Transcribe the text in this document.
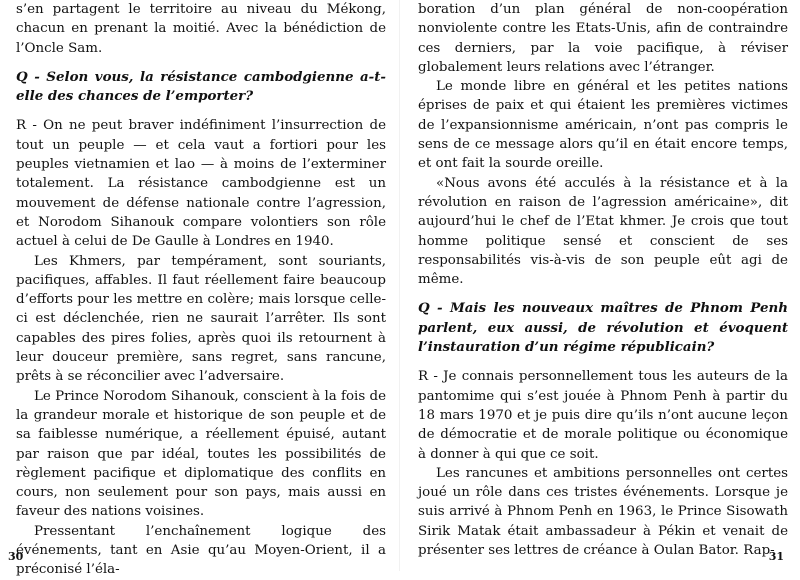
s’en partagent le territoire au niveau du Mékong, chacun en prenant la moitié. Avec la bénédiction de l’Oncle Sam.

Q - Selon vous, la résistance cambodgienne a-t-elle des chances de l’emporter?

R - On ne peut braver indéfiniment l’insurrection de tout un peuple — et cela vaut a fortiori pour les peuples vietnamien et lao — à moins de l’exterminer totalement. La résistance cambodgienne est un mouvement de défense nationale contre l’agression, et Norodom Sihanouk compare volontiers son rôle actuel à celui de De Gaulle à Londres en 1940.

Les Khmers, par tempérament, sont souriants, pacifiques, affables. Il faut réellement faire beaucoup d’efforts pour les mettre en colère; mais lorsque celle-ci est déclenchée, rien ne saurait l’arrêter. Ils sont capables des pires folies, après quoi ils retournent à leur douceur première, sans regret, sans rancune, prêts à se réconcilier avec l’adversaire.

Le Prince Norodom Sihanouk, conscient à la fois de la grandeur morale et historique de son peuple et de sa faiblesse numérique, a réellement épuisé, autant par raison que par idéal, toutes les possibilités de règlement pacifique et diplomatique des conflits en cours, non seulement pour son pays, mais aussi en faveur des nations voisines.

Pressentant l’enchaînement logique des événements, tant en Asie qu’au Moyen-Orient, il a préconisé l’éla-

30

boration d’un plan général de non-coopération nonviolente contre les Etats-Unis, afin de contraindre ces derniers, par la voie pacifique, à réviser globalement leurs relations avec l’étranger.

Le monde libre en général et les petites nations éprises de paix et qui étaient les premières victimes de l’expansionnisme américain, n’ont pas compris le sens de ce message alors qu’il en était encore temps, et ont fait la sourde oreille.

«Nous avons été acculés à la résistance et à la révolution en raison de l’agression américaine», dit aujourd’hui le chef de l’Etat khmer. Je crois que tout homme politique sensé et conscient de ses responsabilités vis-à-vis de son peuple eût agi de même.

Q - Mais les nouveaux maîtres de Phnom Penh parlent, eux aussi, de révolution et évoquent l’instauration d’un régime républicain?

R - Je connais personnellement tous les auteurs de la pantomime qui s’est jouée à Phnom Penh à partir du 18 mars 1970 et je puis dire qu’ils n’ont aucune leçon de démocratie et de morale politique ou économique à donner à qui que ce soit.

Les rancunes et ambitions personnelles ont certes joué un rôle dans ces tristes événements. Lorsque je suis arrivé à Phnom Penh en 1963, le Prince Sisowath Sirik Matak était ambassadeur à Pékin et venait de présenter ses lettres de créance à Oulan Bator. Rap-

31
